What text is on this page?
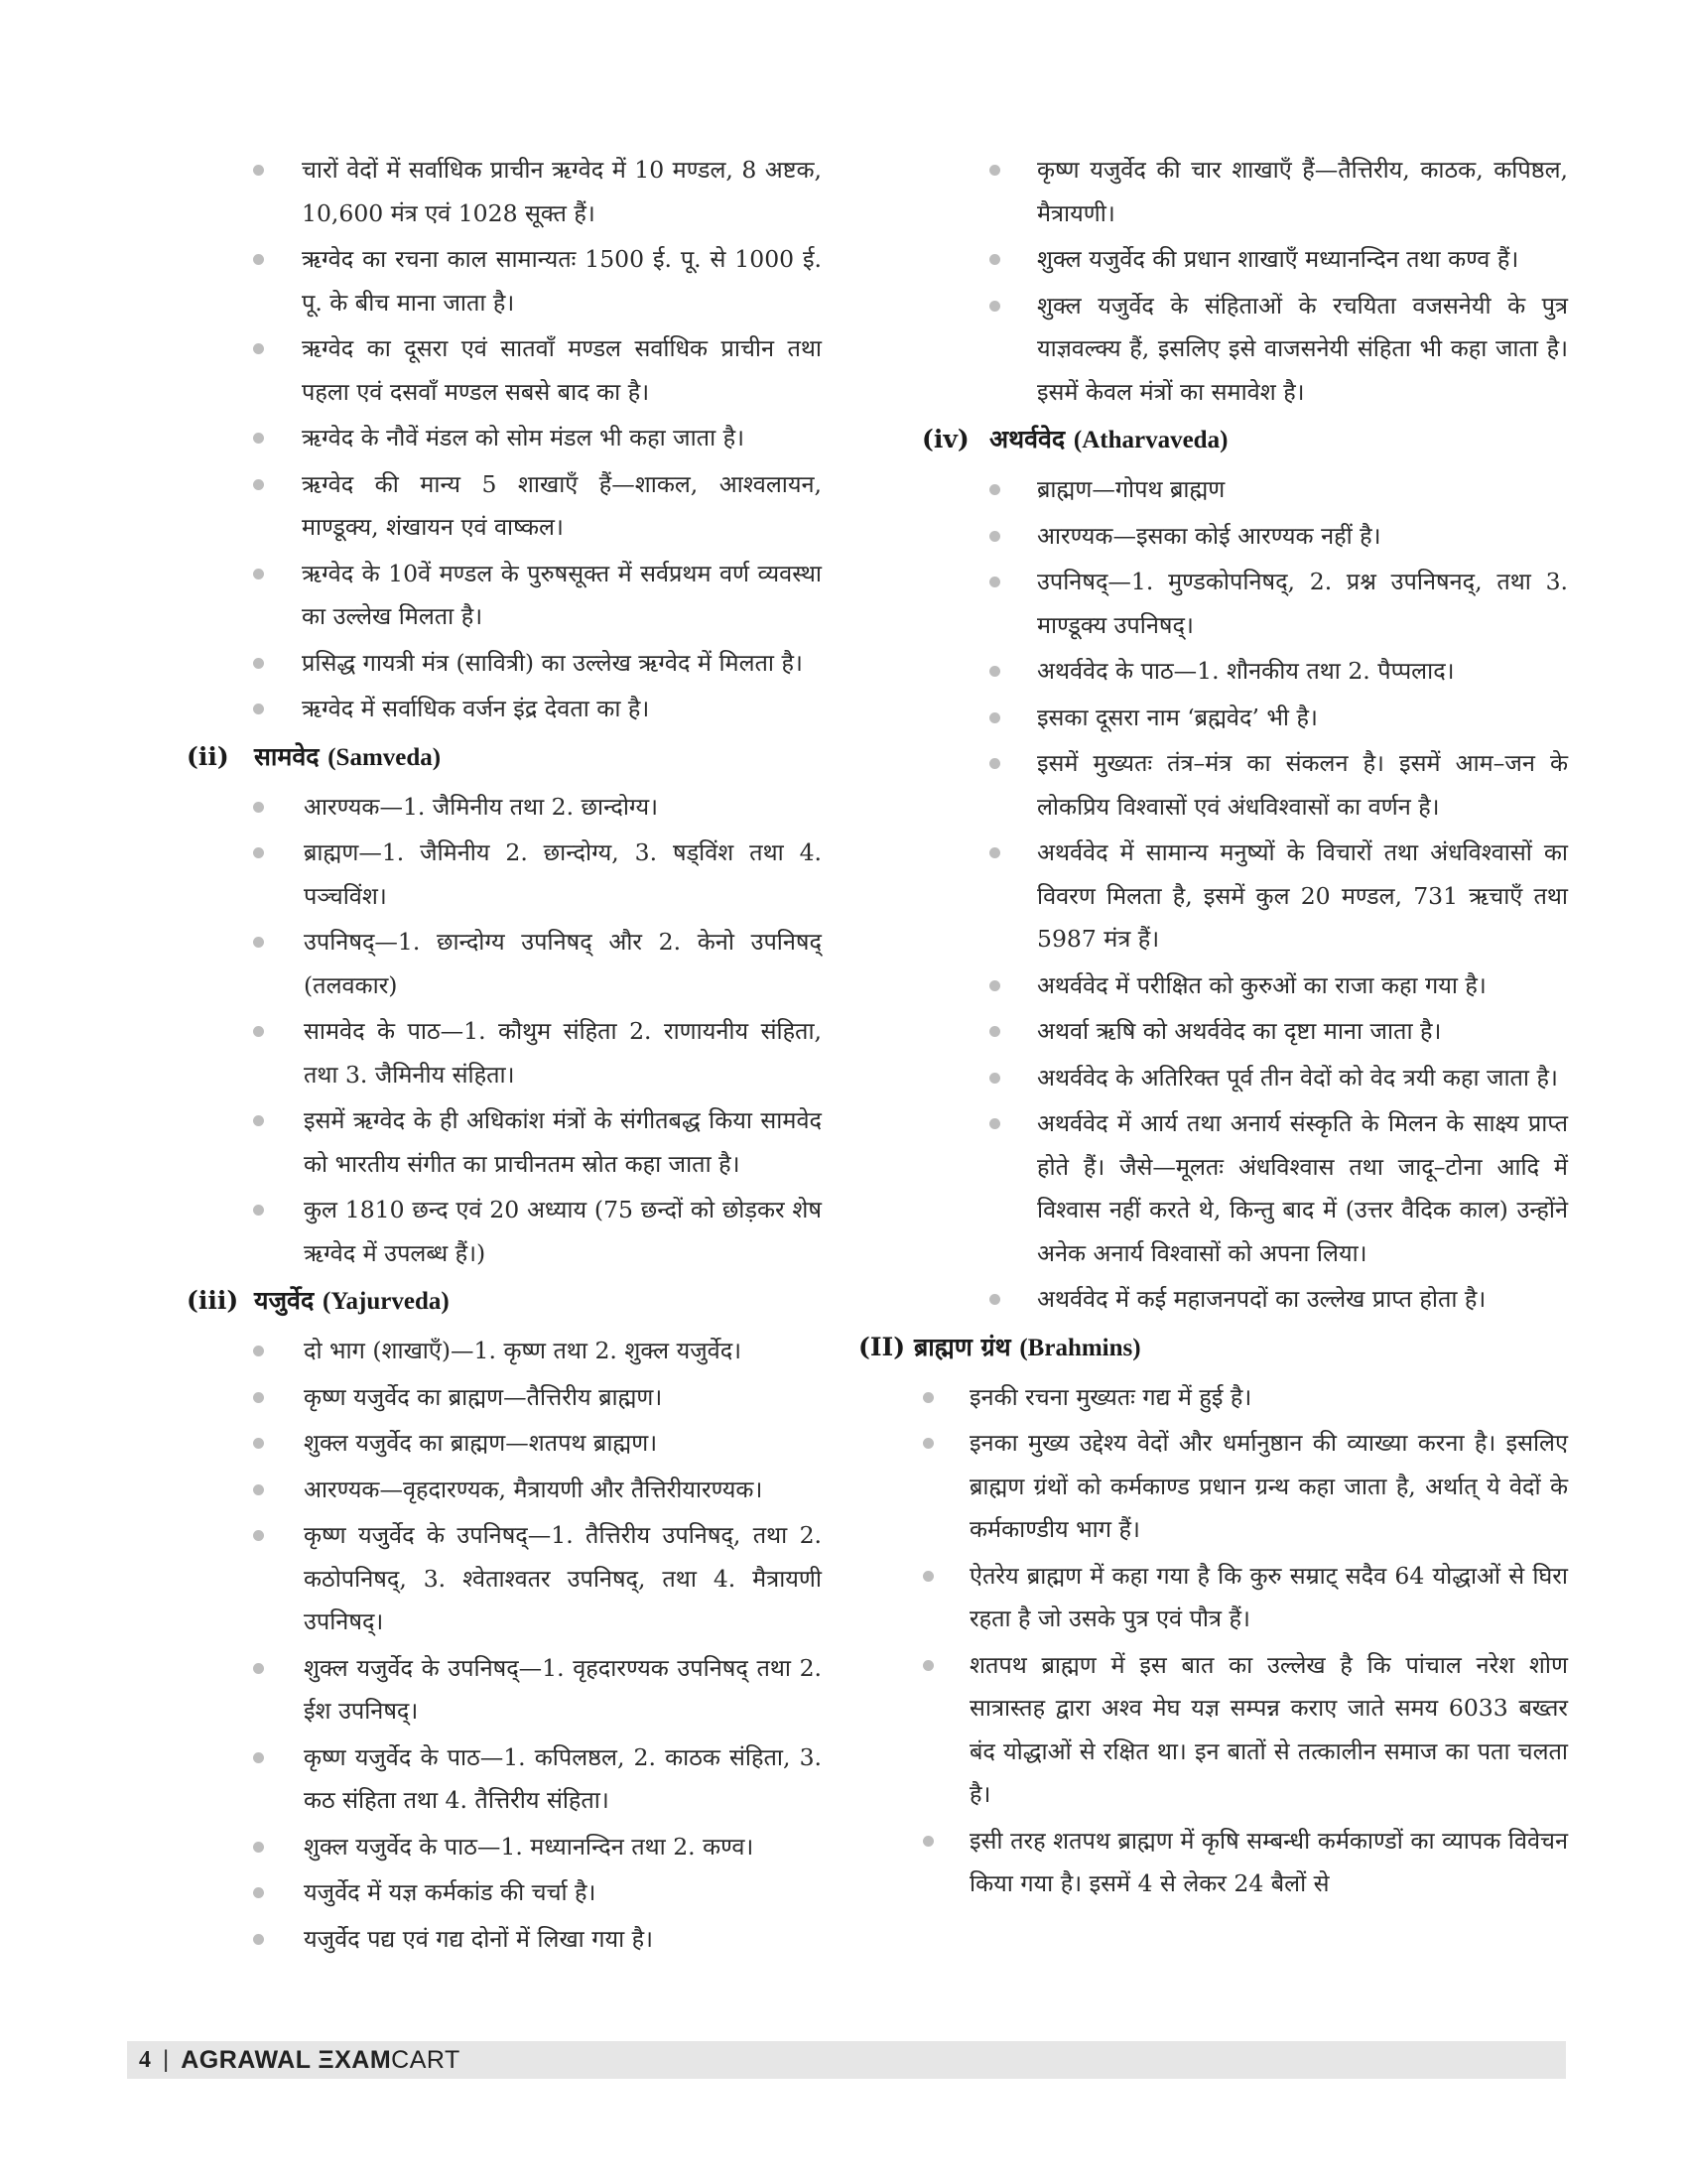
चारों वेदों में सर्वाधिक प्राचीन ऋग्वेद में 10 मण्डल, 8 अष्टक, 10,600 मंत्र एवं 1028 सूक्त हैं।
ऋग्वेद का रचना काल सामान्यतः 1500 ई. पू. से 1000 ई. पू. के बीच माना जाता है।
ऋग्वेद का दूसरा एवं सातवाँ मण्डल सर्वाधिक प्राचीन तथा पहला एवं दसवाँ मण्डल सबसे बाद का है।
ऋग्वेद के नौवें मंडल को सोम मंडल भी कहा जाता है।
ऋग्वेद की मान्य 5 शाखाएँ हैं—शाकल, आश्वलायन, माण्डूक्य, शंखायन एवं वाष्कल।
ऋग्वेद के 10वें मण्डल के पुरुषसूक्त में सर्वप्रथम वर्ण व्यवस्था का उल्लेख मिलता है।
प्रसिद्ध गायत्री मंत्र (सावित्री) का उल्लेख ऋग्वेद में मिलता है।
ऋग्वेद में सर्वाधिक वर्जन इंद्र देवता का है।
(ii) सामवेद (Samveda)
आरण्यक—1. जैमिनीय तथा 2. छान्दोग्य।
ब्राह्मण—1. जैमिनीय 2. छान्दोग्य, 3. षड्विंश तथा 4. पञ्चविंश।
उपनिषद्—1. छान्दोग्य उपनिषद् और 2. केनो उपनिषद् (तलवकार)
सामवेद के पाठ—1. कौथुम संहिता 2. राणायनीय संहिता, तथा 3. जैमिनीय संहिता।
इसमें ऋग्वेद के ही अधिकांश मंत्रों के संगीतबद्ध किया सामवेद को भारतीय संगीत का प्राचीनतम स्रोत कहा जाता है।
कुल 1810 छन्द एवं 20 अध्याय (75 छन्दों को छोड़कर शेष ऋग्वेद में उपलब्ध हैं।)
(iii) यजुर्वेद (Yajurveda)
दो भाग (शाखाएँ)—1. कृष्ण तथा 2. शुक्ल यजुर्वेद।
कृष्ण यजुर्वेद का ब्राह्मण—तैत्तिरीय ब्राह्मण।
शुक्ल यजुर्वेद का ब्राह्मण—शतपथ ब्राह्मण।
आरण्यक—वृहदारण्यक, मैत्रायणी और तैत्तिरीयारण्यक।
कृष्ण यजुर्वेद के उपनिषद्—1. तैत्तिरीय उपनिषद्, तथा 2. कठोपनिषद्, 3. श्वेताश्वतर उपनिषद्, तथा 4. मैत्रायणी उपनिषद्।
शुक्ल यजुर्वेद के उपनिषद्—1. वृहदारण्यक उपनिषद् तथा 2. ईश उपनिषद्।
कृष्ण यजुर्वेद के पाठ—1. कपिलष्ठल, 2. काठक संहिता, 3. कठ संहिता तथा 4. तैत्तिरीय संहिता।
शुक्ल यजुर्वेद के पाठ—1. मध्यानन्दिन तथा 2. कण्व।
यजुर्वेद में यज्ञ कर्मकांड की चर्चा है।
यजुर्वेद पद्य एवं गद्य दोनों में लिखा गया है।
कृष्ण यजुर्वेद की चार शाखाएँ हैं—तैत्तिरीय, काठक, कपिष्ठल, मैत्रायणी।
शुक्ल यजुर्वेद की प्रधान शाखाएँ मध्यानन्दिन तथा कण्व हैं।
शुक्ल यजुर्वेद के संहिताओं के रचयिता वजसनेयी के पुत्र याज्ञवल्क्य हैं, इसलिए इसे वाजसनेयी संहिता भी कहा जाता है। इसमें केवल मंत्रों का समावेश है।
(iv) अथर्ववेद (Atharvaveda)
ब्राह्मण—गोपथ ब्राह्मण
आरण्यक—इसका कोई आरण्यक नहीं है।
उपनिषद्—1. मुण्डकोपनिषद्, 2. प्रश्न उपनिषनद्, तथा 3. माण्डूक्य उपनिषद्।
अथर्ववेद के पाठ—1. शौनकीय तथा 2. पैप्पलाद।
इसका दूसरा नाम ‘ब्रह्मवेद’ भी है।
इसमें मुख्यतः तंत्र–मंत्र का संकलन है। इसमें आम–जन के लोकप्रिय विश्वासों एवं अंधविश्वासों का वर्णन है।
अथर्ववेद में सामान्य मनुष्यों के विचारों तथा अंधविश्वासों का विवरण मिलता है, इसमें कुल 20 मण्डल, 731 ऋचाएँ तथा 5987 मंत्र हैं।
अथर्ववेद में परीक्षित को कुरुओं का राजा कहा गया है।
अथर्वा ऋषि को अथर्ववेद का दृष्टा माना जाता है।
अथर्ववेद के अतिरिक्त पूर्व तीन वेदों को वेद त्रयी कहा जाता है।
अथर्ववेद में आर्य तथा अनार्य संस्कृति के मिलन के साक्ष्य प्राप्त होते हैं। जैसे—मूलतः अंधविश्वास तथा जादू–टोना आदि में विश्वास नहीं करते थे, किन्तु बाद में (उत्तर वैदिक काल) उन्होंने अनेक अनार्य विश्वासों को अपना लिया।
अथर्ववेद में कई महाजनपदों का उल्लेख प्राप्त होता है।
(II) ब्राह्मण ग्रंथ (Brahmins)
इनकी रचना मुख्यतः गद्य में हुई है।
इनका मुख्य उद्देश्य वेदों और धर्मानुष्ठान की व्याख्या करना है। इसलिए ब्राह्मण ग्रंथों को कर्मकाण्ड प्रधान ग्रन्थ कहा जाता है, अर्थात् ये वेदों के कर्मकाण्डीय भाग हैं।
ऐतरेय ब्राह्मण में कहा गया है कि कुरु सम्राट् सदैव 64 योद्धाओं से घिरा रहता है जो उसके पुत्र एवं पौत्र हैं।
शतपथ ब्राह्मण में इस बात का उल्लेख है कि पांचाल नरेश शोण सात्रास्तह द्वारा अश्व मेघ यज्ञ सम्पन्न कराए जाते समय 6033 बख्तर बंद योद्धाओं से रक्षित था। इन बातों से तत्कालीन समाज का पता चलता है।
इसी तरह शतपथ ब्राह्मण में कृषि सम्बन्धी कर्मकाण्डों का व्यापक विवेचन किया गया है। इसमें 4 से लेकर 24 बैलों से
4 | AGRAWAL ΞXAMCART
